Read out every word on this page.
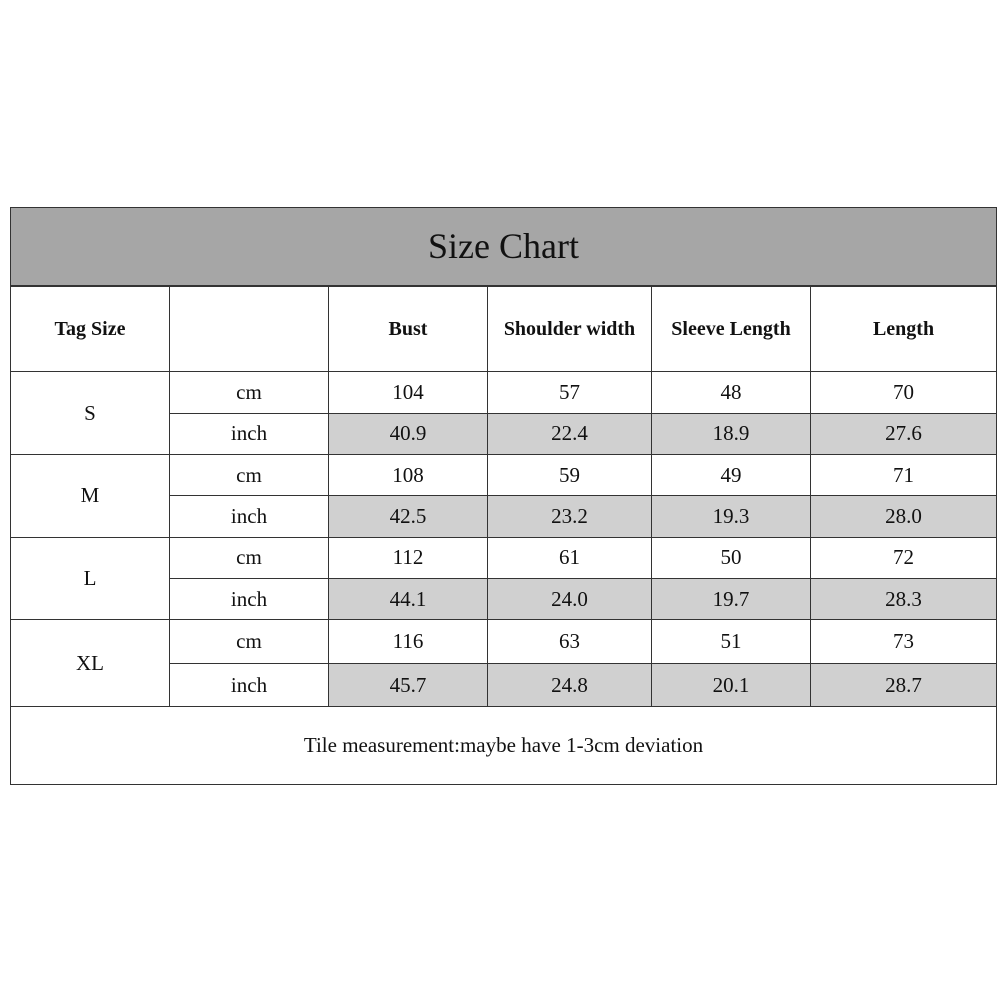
Size Chart					
Tag Size		Bust	Shoulder width	Sleeve Length	Length
S	cm	104	57	48	70
	inch	40.9	22.4	18.9	27.6
M	cm	108	59	49	71
	inch	42.5	23.2	19.3	28.0
L	cm	112	61	50	72
	inch	44.1	24.0	19.7	28.3
XL	cm	116	63	51	73
	inch	45.7	24.8	20.1	28.7
Tile measurement:maybe have 1-3cm deviation					
